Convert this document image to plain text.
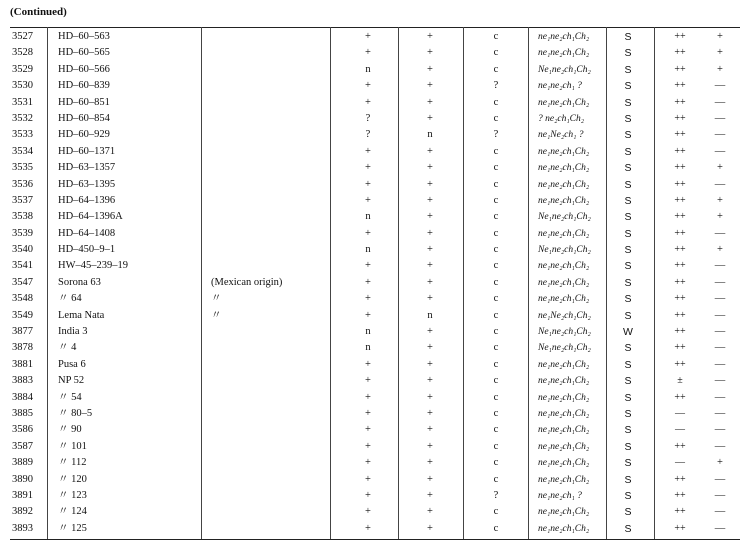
(Continued)
3527 HD–60–563	+	+	c	ne₁ne₂ch₁Ch₂	S	++	+
3528 HD–60–565	+	+	c	ne₁ne₂ch₁Ch₂	S	++	+
3529 HD–60–566	n	+	c	Ne₁ne₂ch₁Ch₂	S	++	+
3530 HD–60–839	+	+	?	ne₁ne₂ch₁ ?	S	++	—
3531 HD–60–851	+	+	c	ne₁ne₂ch₁Ch₂	S	++	—
3532 HD–60–854	?	+	c	? ne₂ch₁Ch₂	S	++	—
3533 HD–60–929	?	n	?	ne₁Ne₂ch₁ ?	S	++	—
3534 HD–60–1371	+	+	c	ne₁ne₂ch₁Ch₂	S	++	—
3535 HD–63–1357	+	+	c	ne₁ne₂ch₁Ch₂	S	++	+
3536 HD–63–1395	+	+	c	ne₁ne₂ch₁Ch₂	S	++	—
3537 HD–64–1396	+	+	c	ne₁ne₂ch₁Ch₂	S	++	+
3538 HD–64–1396A	n	+	c	Ne₁ne₂ch₁Ch₂	S	++	+
3539 HD–64–1408	+	+	c	ne₁ne₂ch₁Ch₂	S	++	—
3540 HD–450–9–1	n	+	c	Ne₁ne₂ch₁Ch₂	S	++	+
3541 HW–45–239–19	+	+	c	ne₁ne₂ch₁Ch₂	S	++	—
3547 Sorona 63	(Mexican origin)	+	+	c	ne₁ne₂ch₁Ch₂	S	++	—
3548 〃 64	〃	+	+	c	ne₁ne₂ch₁Ch₂	S	++	—
3549 Lema Nata	〃	+	n	c	ne₁Ne₂ch₁Ch₂	S	++	—
3877 India 3	n	+	c	Ne₁ne₂ch₁Ch₂	W	++	—
3878 〃 4	n	+	c	Ne₁ne₂ch₁Ch₂	S	++	—
3881 Pusa 6	+	+	c	ne₁ne₂ch₁Ch₂	S	++	—
3883 NP 52	+	+	c	ne₁ne₂ch₁Ch₂	S	±	—
3884 〃 54	+	+	c	ne₁ne₂ch₁Ch₂	S	++	—
3885 〃 80–5	+	+	c	ne₁ne₂ch₁Ch₂	S	—	—
3586 〃 90	+	+	c	ne₁ne₂ch₁Ch₂	S	—	—
3587 〃 101	+	+	c	ne₁ne₂ch₁Ch₂	S	++	—
3889 〃 112	+	+	c	ne₁ne₂ch₁Ch₂	S	—	+
3890 〃 120	+	+	c	ne₁ne₂ch₁Ch₂	S	++	—
3891 〃 123	+	+	?	ne₁ne₂ch₁ ?	S	++	—
3892 〃 124	+	+	c	ne₁ne₂ch₁Ch₂	S	++	—
3893 〃 125	+	+	c	ne₁ne₂ch₁Ch₂	S	++	—
